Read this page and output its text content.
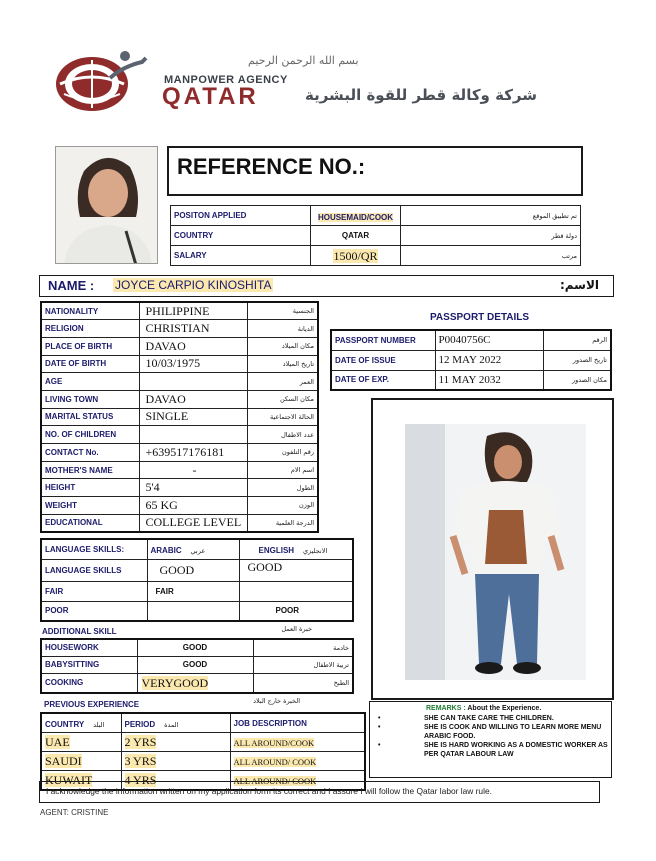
بسم الله الرحمن الرحيم
MANPOWER AGENCY
QATAR	شركة وكالة قطر للقوة البشرية
REFERENCE NO.:
POSITON APPLIED	HOUSEMAID/COOK	تم تطبيق الموقع
COUNTRY	QATAR	دولة قطر
SALARY	1500/QR	مرتب
NAME : JOYCE CARPIO KINOSHITA	الاسم:
NATIONALITY	PHILIPPINE	الجنسية
RELIGION	CHRISTIAN	الديانة
PLACE OF BIRTH	DAVAO	مكان الميلاد
DATE OF BIRTH	10/03/1975	تاريخ الميلاد
AGE		العمر
LIVING TOWN	DAVAO	مكان السكن
MARITAL STATUS	SINGLE	الحالة الاجتماعية
NO. OF CHILDREN		عدد الاطفال
CONTACT No.	+639517176181	رقم التلفون
MOTHER'S NAME	-	اسم الام
HEIGHT	5'4	الطول
WEIGHT	65 KG	الوزن
EDUCATIONAL	COLLEGE LEVEL	الدرجة العلمية
PASSPORT DETAILS
PASSPORT NUMBER	P0040756C	الرقم
DATE OF ISSUE	12 MAY 2022	تاريخ الصدور
DATE OF EXP.	11 MAY 2032	مكان الصدور
LANGUAGE SKILLS:	ARABIC عربي	ENGLISH الانجليزي
LANGUAGE SKILLS	GOOD	GOOD
FAIR	FAIR	
POOR		POOR
ADDITIONAL SKILL	خبرة العمل
HOUSEWORK	GOOD	خادمة
BABYSITTING	GOOD	تربية الاطفال
COOKING	VERYGOOD	الطبخ
PREVIOUS EXPERIENCE	الخبرة خارج البلاد
COUNTRY البلد	PERIOD المدة	JOB DESCRIPTION
UAE	2 YRS	ALL AROUND/COOK
SAUDI	3 YRS	ALL AROUND/ COOK
KUWAIT	4 YRS	ALL AROUND/ COOK
REMARKS : About the Experience.
•	SHE CAN TAKE CARE THE CHILDREN.
•	SHE IS COOK AND WILLING TO LEARN MORE MENU ARABIC FOOD.
•	SHE IS HARD WORKING AS A DOMESTIC WORKER AS PER QATAR LABOUR LAW
I acknowledge the information written on my application form its correct and I assure I will follow the Qatar labor law rule.
AGENT: CRISTINE
